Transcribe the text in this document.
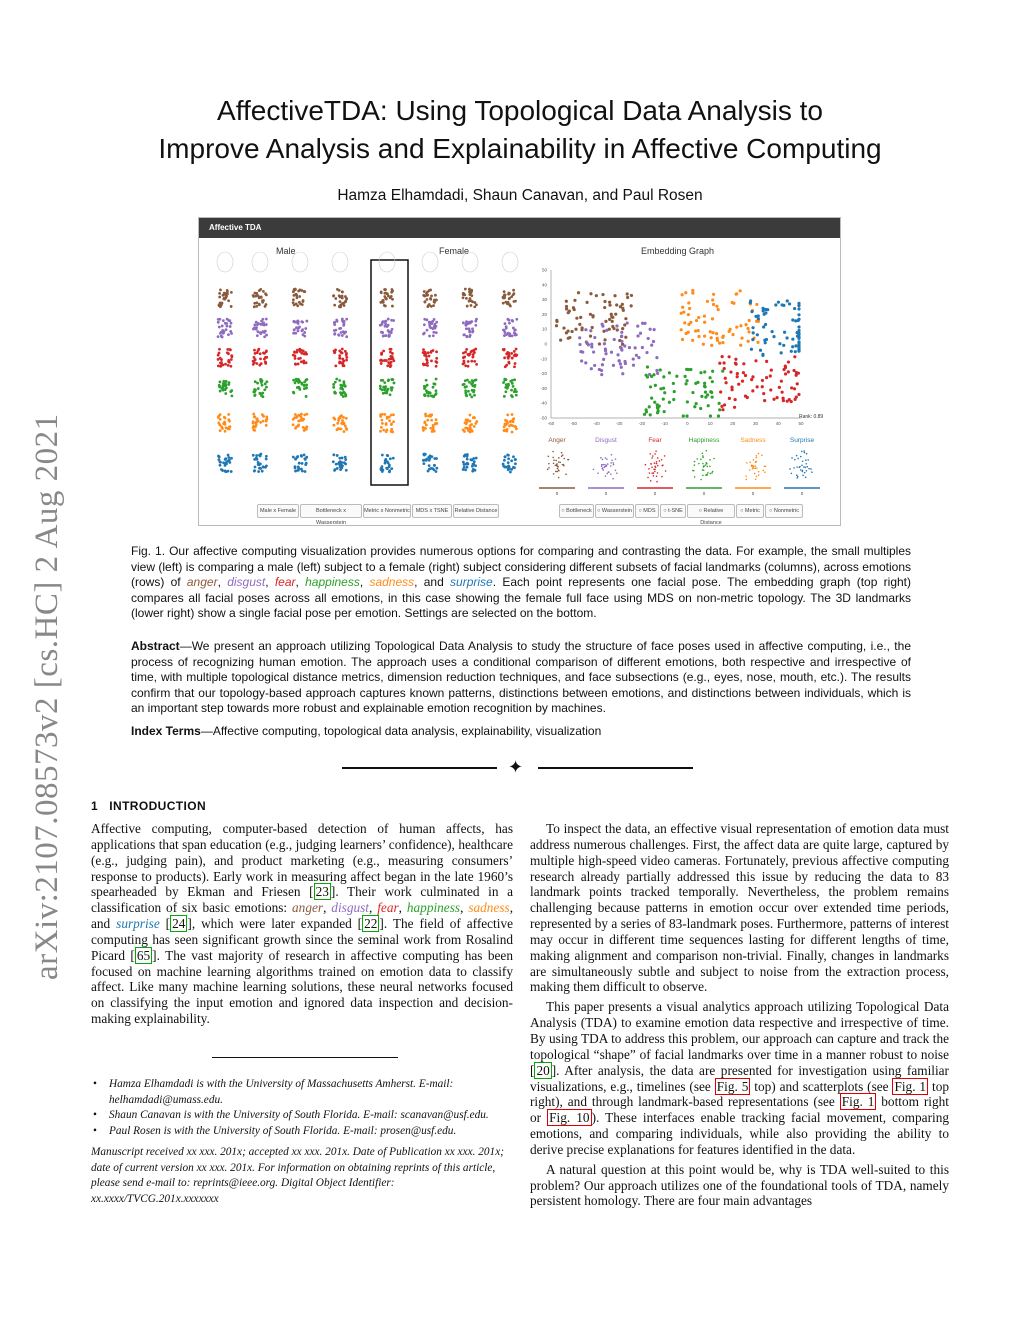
arXiv:2107.08573v2 [cs.HC] 2 Aug 2021
AffectiveTDA: Using Topological Data Analysis to
Improve Analysis and Explainability in Affective Computing
Hamza Elhamdadi, Shaun Canavan, and Paul Rosen
Affective TDA
Male	Female	Embedding Graph
50
40
30
20
10
0
-10
-20
-30
-40
-50
-60	-50	-40	-30	-20	-10	0	10	20	30	40	50
0	0	0	0	0	0
Rank: 0.89
Anger	Disgust	Fear	Happiness	Sadness	Surprise
Male x Female	Bottleneck x Wasserstein
Metric x Nonmetric	MDS x TSNE	Relative Distance	○ Bottleneck ○ Wasserstein	○ MDS	○ t-SNE	○ Relative Distance
○ Metric	○ Nonmetric
Fig. 1. Our affective computing visualization provides numerous options for comparing and contrasting the data. For example, the small multiples view (left) is comparing a male (left) subject to a female (right) subject considering different subsets of facial landmarks (columns), across emotions (rows) of anger, disgust, fear, happiness, sadness, and surprise. Each point represents one facial pose. The embedding graph (top right) compares all facial poses across all emotions, in this case showing the female full face using MDS on non-metric topology. The 3D landmarks (lower right) show a single facial pose per emotion. Settings are selected on the bottom.
Abstract—We present an approach utilizing Topological Data Analysis to study the structure of face poses used in affective computing, i.e., the process of recognizing human emotion. The approach uses a conditional comparison of different emotions, both respective and irrespective of time, with multiple topological distance metrics, dimension reduction techniques, and face subsections (e.g., eyes, nose, mouth, etc.). The results confirm that our topology-based approach captures known patterns, distinctions between emotions, and distinctions between individuals, which is an important step towards more robust and explainable emotion recognition by machines.
Index Terms—Affective computing, topological data analysis, explainability, visualization
✦
1 INTRODUCTION

Affective computing, computer-based detection of human affects, has applications that span education (e.g., judging learners’ confidence), healthcare (e.g., judging pain), and product marketing (e.g., measuring consumers’ response to products). Early work in measuring affect began in the late 1960’s spearheaded by Ekman and Friesen [ 23 ]. Their work culminated in a classification of six basic emotions: anger, disgust, fear, happiness, sadness, and surprise [ 24 ], which were later expanded [ 22 ]. The field of affective computing has seen significant growth since the seminal work from Rosalind Picard [ 65 ]. The vast majority of research in affective computing has been focused on machine learning algorithms trained on emotion data to classify affect. Like many machine learning solutions, these neural networks focused on classifying the input emotion and ignored data inspection and decision-making explainability.

• Hamza Elhamdadi is with the University of Massachusetts Amherst. E-mail: helhamdadi@umass.edu.
• Shaun Canavan is with the University of South Florida. E-mail: scanavan@usf.edu.
• Paul Rosen is with the University of South Florida. E-mail: prosen@usf.edu.
Manuscript received xx xxx. 201x; accepted xx xxx. 201x. Date of Publication xx xxx. 201x; date of current version xx xxx. 201x. For information on obtaining reprints of this article, please send e-mail to: reprints@ieee.org. Digital Object Identifier: xx.xxxx/TVCG.201x.xxxxxxx

To inspect the data, an effective visual representation of emotion data must address numerous challenges. First, the affect data are quite large, captured by multiple high-speed video cameras. Fortunately, previous affective computing research already partially addressed this issue by reducing the data to 83 landmark points tracked temporally. Nevertheless, the problem remains challenging because patterns in emotion occur over extended time periods, represented by a series of 83-landmark poses. Furthermore, patterns of interest may occur in different time sequences lasting for different lengths of time, making alignment and comparison non-trivial. Finally, changes in landmarks are simultaneously subtle and subject to noise from the extraction process, making them difficult to observe.

This paper presents a visual analytics approach utilizing Topological Data Analysis (TDA) to examine emotion data respective and irrespective of time. By using TDA to address this problem, our approach can capture and track the topological “shape” of facial landmarks over time in a manner robust to noise [ 20 ]. After analysis, the data are presented for investigation using familiar visualizations, e.g., timelines (see Fig. 5 top) and scatterplots (see Fig. 1 top right), and through landmark-based representations (see Fig. 1 bottom right or Fig. 10 ). These interfaces enable tracking facial movement, comparing emotions, and comparing individuals, while also providing the ability to derive precise explanations for features identified in the data.

A natural question at this point would be, why is TDA well-suited to this problem? Our approach utilizes one of the foundational tools of TDA, namely persistent homology. There are four main advantages
